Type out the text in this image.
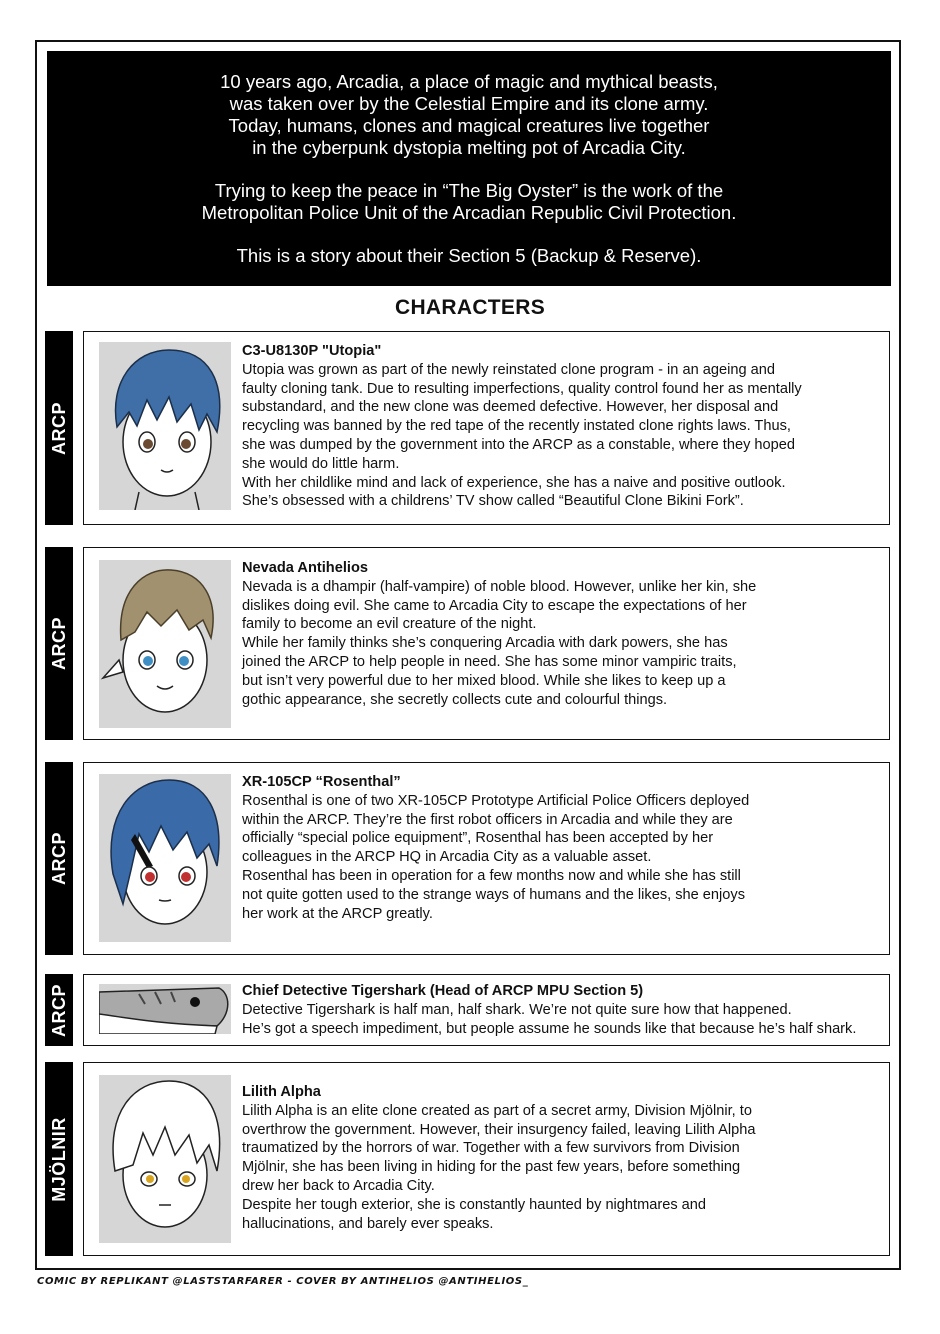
10 years ago, Arcadia, a place of magic and mythical beasts,
was taken over by the Celestial Empire and its clone army.
Today, humans, clones and magical creatures live together
in the cyberpunk dystopia melting pot of Arcadia City.

Trying to keep the peace in “The Big Oyster” is the work of the
Metropolitan Police Unit of the Arcadian Republic Civil Protection.

This is a story about their Section 5 (Backup & Reserve).

CHARACTERS
ARCP
C3-U8130P "Utopia"
Utopia was grown as part of the newly reinstated clone program - in an ageing and
faulty cloning tank. Due to resulting imperfections, quality control found her as mentally
substandard, and the new clone was deemed defective. However, her disposal and
recycling was banned by the red tape of the recently instated clone rights laws. Thus,
she was dumped by the government into the ARCP as a constable, where they hoped
she would do little harm.
With her childlike mind and lack of experience, she has a naive and positive outlook.
She’s obsessed with a childrens’ TV show called “Beautiful Clone Bikini Fork”.
ARCP
Nevada Antihelios
Nevada is a dhampir (half-vampire) of noble blood. However, unlike her kin, she
dislikes doing evil. She came to Arcadia City to escape the expectations of her
family to become an evil creature of the night.
While her family thinks she’s conquering Arcadia with dark powers, she has
joined the ARCP to help people in need. She has some minor vampiric traits,
but isn’t very powerful due to her mixed blood. While she likes to keep up a
gothic appearance, she secretly collects cute and colourful things.
ARCP
XR-105CP “Rosenthal”
Rosenthal is one of two XR-105CP Prototype Artificial Police Officers deployed
within the ARCP. They’re the first robot officers in Arcadia and while they are
officially “special police equipment”, Rosenthal has been accepted by her
colleagues in the ARCP HQ in Arcadia City as a valuable asset.
Rosenthal has been in operation for a few months now and while she has still
not quite gotten used to the strange ways of humans and the likes, she enjoys
her work at the ARCP greatly.
ARCP	Chief Detective Tigershark (Head of ARCP MPU Section 5)
Detective Tigershark is half man, half shark. We’re not quite sure how that happened.
He’s got a speech impediment, but people assume he sounds like that because he’s half shark.
MJÖLNIR
Lilith Alpha
Lilith Alpha is an elite clone created as part of a secret army, Division Mjölnir, to
overthrow the government. However, their insurgency failed, leaving Lilith Alpha
traumatized by the horrors of war. Together with a few survivors from Division
Mjölnir, she has been living in hiding for the past few years, before something
drew her back to Arcadia City.
Despite her tough exterior, she is constantly haunted by nightmares and
hallucinations, and barely ever speaks.
COMIC BY REPLIKANT @LASTSTARFARER - COVER BY ANTIHELIOS @ANTIHELIOS_
